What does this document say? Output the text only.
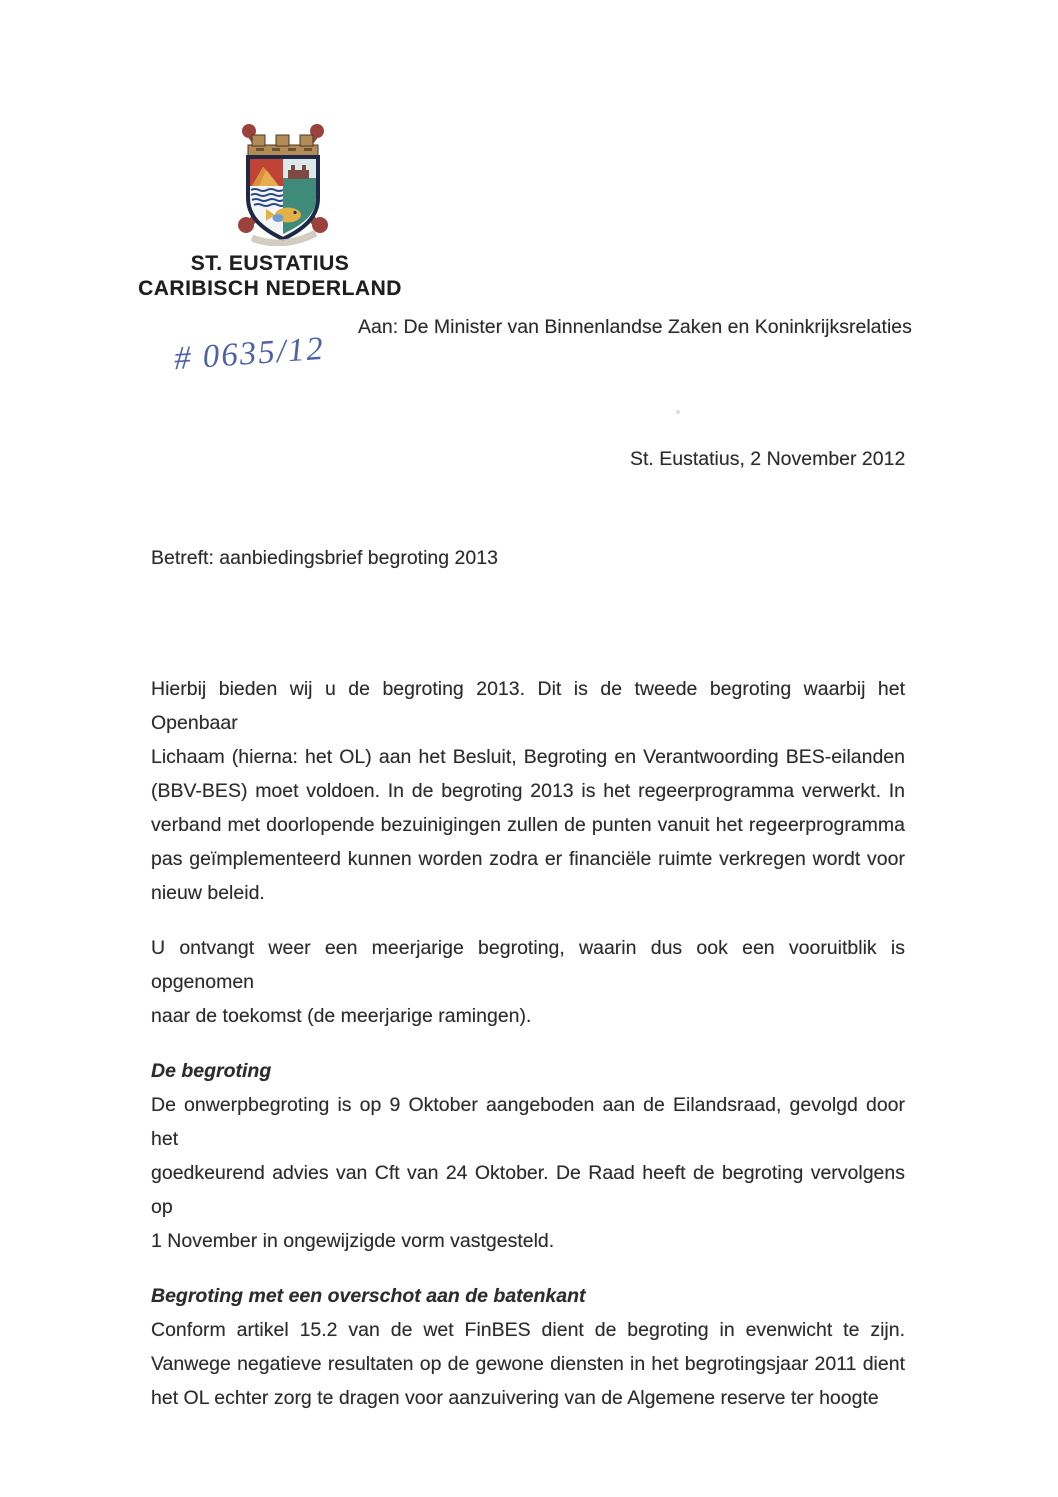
ST. EUSTATIUS
CARIBISCH NEDERLAND
Aan: De Minister van Binnenlandse Zaken en Koninkrijksrelaties
# 0635/12
St. Eustatius, 2 November 2012
Betreft: aanbiedingsbrief begroting 2013
Hierbij bieden wij u de begroting 2013. Dit is de tweede begroting waarbij het Openbaar
Lichaam (hierna: het OL) aan het Besluit, Begroting en Verantwoording BES-eilanden
(BBV-BES) moet voldoen. In de begroting 2013 is het regeerprogramma verwerkt. In
verband met doorlopende bezuinigingen zullen de punten vanuit het regeerprogramma
pas geïmplementeerd kunnen worden zodra er financiële ruimte verkregen wordt voor
nieuw beleid.
U ontvangt weer een meerjarige begroting, waarin dus ook een vooruitblik is opgenomen
naar de toekomst (de meerjarige ramingen).
De begroting
De onwerpbegroting is op 9 Oktober aangeboden aan de Eilandsraad, gevolgd door het
goedkeurend advies van Cft van 24 Oktober. De Raad heeft de begroting vervolgens op
1 November in ongewijzigde vorm vastgesteld.
Begroting met een overschot aan de batenkant
Conform artikel 15.2 van de wet FinBES dient de begroting in evenwicht te zijn.
Vanwege negatieve resultaten op de gewone diensten in het begrotingsjaar 2011 dient
het OL echter zorg te dragen voor aanzuivering van de Algemene reserve ter hoogte
